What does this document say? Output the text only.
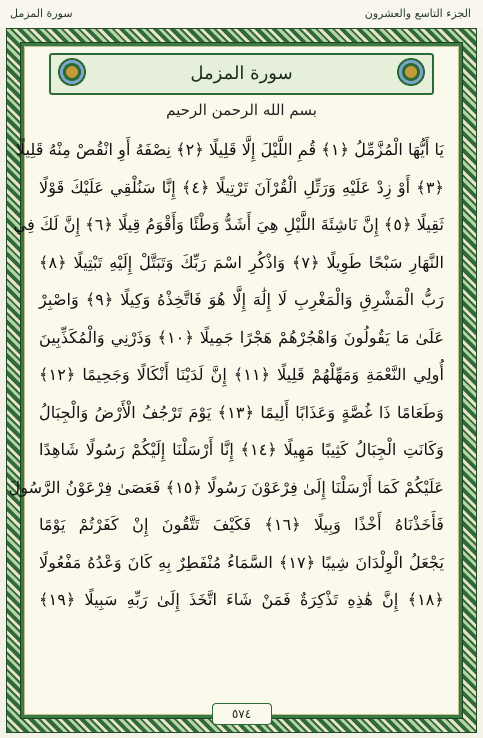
سورة المزمل	الجزء التاسع والعشرون
سورة المزمل
بسم الله الرحمن الرحيم
يَا أَيُّهَا الْمُزَّمِّلُ ﴿١﴾ قُمِ اللَّيْلَ إِلَّا قَلِيلًا ﴿٢﴾ نِصْفَهُ أَوِ انْقُصْ مِنْهُ قَلِيلًا
﴿٣﴾ أَوْ زِدْ عَلَيْهِ وَرَتِّلِ الْقُرْآنَ تَرْتِيلًا ﴿٤﴾ إِنَّا سَنُلْقِي عَلَيْكَ قَوْلًا
ثَقِيلًا ﴿٥﴾ إِنَّ نَاشِئَةَ اللَّيْلِ هِيَ أَشَدُّ وَطْئًا وَأَقْوَمُ قِيلًا ﴿٦﴾ إِنَّ لَكَ فِي
النَّهَارِ سَبْحًا طَوِيلًا ﴿٧﴾ وَاذْكُرِ اسْمَ رَبِّكَ وَتَبَتَّلْ إِلَيْهِ تَبْتِيلًا ﴿٨﴾
رَبُّ الْمَشْرِقِ وَالْمَغْرِبِ لَا إِلَٰهَ إِلَّا هُوَ فَاتَّخِذْهُ وَكِيلًا ﴿٩﴾ وَاصْبِرْ
عَلَىٰ مَا يَقُولُونَ وَاهْجُرْهُمْ هَجْرًا جَمِيلًا ﴿١٠﴾ وَذَرْنِي وَالْمُكَذِّبِينَ
أُولِي النَّعْمَةِ وَمَهِّلْهُمْ قَلِيلًا ﴿١١﴾ إِنَّ لَدَيْنَا أَنْكَالًا وَجَحِيمًا ﴿١٢﴾
وَطَعَامًا ذَا غُصَّةٍ وَعَذَابًا أَلِيمًا ﴿١٣﴾ يَوْمَ تَرْجُفُ الْأَرْضُ وَالْجِبَالُ
وَكَانَتِ الْجِبَالُ كَثِيبًا مَهِيلًا ﴿١٤﴾ إِنَّا أَرْسَلْنَا إِلَيْكُمْ رَسُولًا شَاهِدًا
عَلَيْكُمْ كَمَا أَرْسَلْنَا إِلَىٰ فِرْعَوْنَ رَسُولًا ﴿١٥﴾ فَعَصَىٰ فِرْعَوْنُ الرَّسُولَ
فَأَخَذْنَاهُ أَخْذًا وَبِيلًا ﴿١٦﴾ فَكَيْفَ تَتَّقُونَ إِنْ كَفَرْتُمْ يَوْمًا
يَجْعَلُ الْوِلْدَانَ شِيبًا ﴿١٧﴾ السَّمَاءُ مُنْفَطِرٌ بِهِ كَانَ وَعْدُهُ مَفْعُولًا
﴿١٨﴾ إِنَّ هَٰذِهِ تَذْكِرَةٌ فَمَنْ شَاءَ اتَّخَذَ إِلَىٰ رَبِّهِ سَبِيلًا ﴿١٩﴾
٥٧٤
